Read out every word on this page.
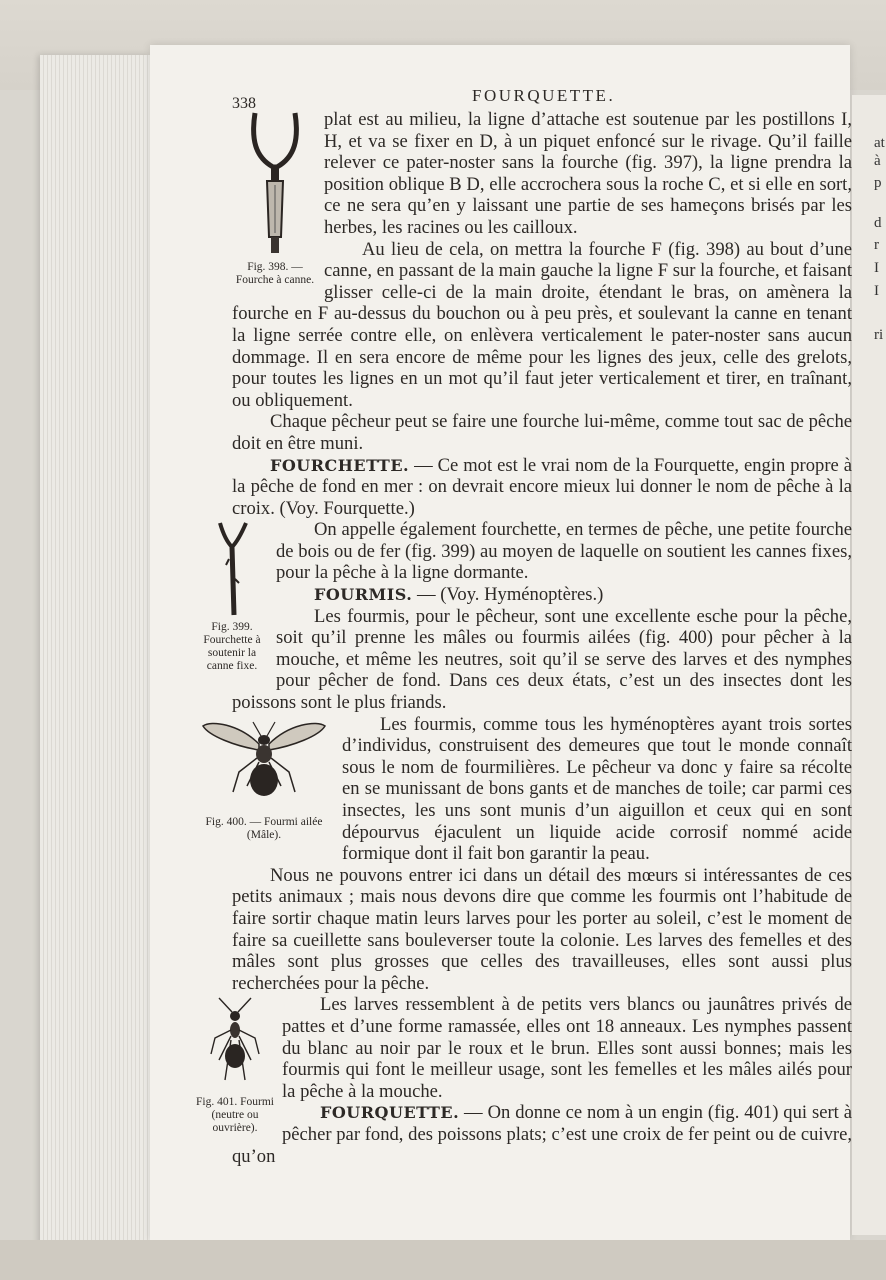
at
à
p
d
r
I
I
ri
338	FOURQUETTE.

Fig. 398. — Fourche à canne.
plat est au milieu, la ligne d’attache est soutenue par les postillons I, H, et va se fixer en D, à un piquet enfoncé sur le rivage. Qu’il faille relever ce pater-noster sans la fourche (fig. 397), la ligne prendra la position oblique B D, elle accrochera sous la roche C, et si elle en sort, ce ne sera qu’en y laissant une partie de ses hameçons brisés par les herbes, les racines ou les cailloux.

Au lieu de cela, on mettra la fourche F (fig. 398) au bout d’une canne, en passant de la main gauche la ligne F sur la fourche, et faisant glisser celle-ci de la main droite, étendant le bras, on amènera la fourche en F au-dessus du bouchon ou à peu près, et soulevant la canne en tenant la ligne serrée contre elle, on enlèvera verticalement le pater-noster sans aucun dommage. Il en sera encore de même pour les lignes des jeux, celle des grelots, pour toutes les lignes en un mot qu’il faut jeter verticalement et tirer, en traînant, ou obliquement.

Chaque pêcheur peut se faire une fourche lui-même, comme tout sac de pêche doit en être muni.

FOURCHETTE. — Ce mot est le vrai nom de la Fourquette, engin propre à la pêche de fond en mer : on devrait encore mieux lui donner le nom de pêche à la croix. (Voy. Fourquette.)

Fig. 399. Fourchette à soutenir la canne fixe.
On appelle également fourchette, en termes de pêche, une petite fourche de bois ou de fer (fig. 399) au moyen de laquelle on soutient les cannes fixes, pour la pêche à la ligne dormante.

FOURMIS. — (Voy. Hyménoptères.)

Les fourmis, pour le pêcheur, sont une excellente esche pour la pêche, soit qu’il prenne les mâles ou fourmis ailées (fig. 400) pour pêcher à la mouche, et même les neutres, soit qu’il se serve des larves et des nymphes pour pêcher de fond. Dans ces deux états, c’est un des insectes dont les poissons sont le plus friands.

Fig. 400. — Fourmi ailée (Mâle).
Les fourmis, comme tous les hyménoptères ayant trois sortes d’individus, construisent des demeures que tout le monde connaît sous le nom de fourmilières. Le pêcheur va donc y faire sa récolte en se munissant de bons gants et de manches de toile; car parmi ces insectes, les uns sont munis d’un aiguillon et ceux qui en sont dépourvus éjaculent un liquide acide corrosif nommé acide formique dont il fait bon garantir la peau.

Nous ne pouvons entrer ici dans un détail des mœurs si intéressantes de ces petits animaux ; mais nous devons dire que comme les fourmis ont l’habitude de faire sortir chaque matin leurs larves pour les porter au soleil, c’est le moment de faire sa cueillette sans bouleverser toute la colonie. Les larves des femelles et des mâles sont plus grosses que celles des travailleuses, elles sont aussi plus recherchées pour la pêche.

Fig. 401. Fourmi (neutre ou ouvrière).
Les larves ressemblent à de petits vers blancs ou jaunâtres privés de pattes et d’une forme ramassée, elles ont 18 anneaux. Les nymphes passent du blanc au noir par le roux et le brun. Elles sont aussi bonnes; mais les fourmis qui font le meilleur usage, sont les femelles et les mâles ailés pour la pêche à la mouche.

FOURQUETTE. — On donne ce nom à un engin (fig. 401) qui sert à pêcher par fond, des poissons plats; c’est une croix de fer peint ou de cuivre, qu’on
